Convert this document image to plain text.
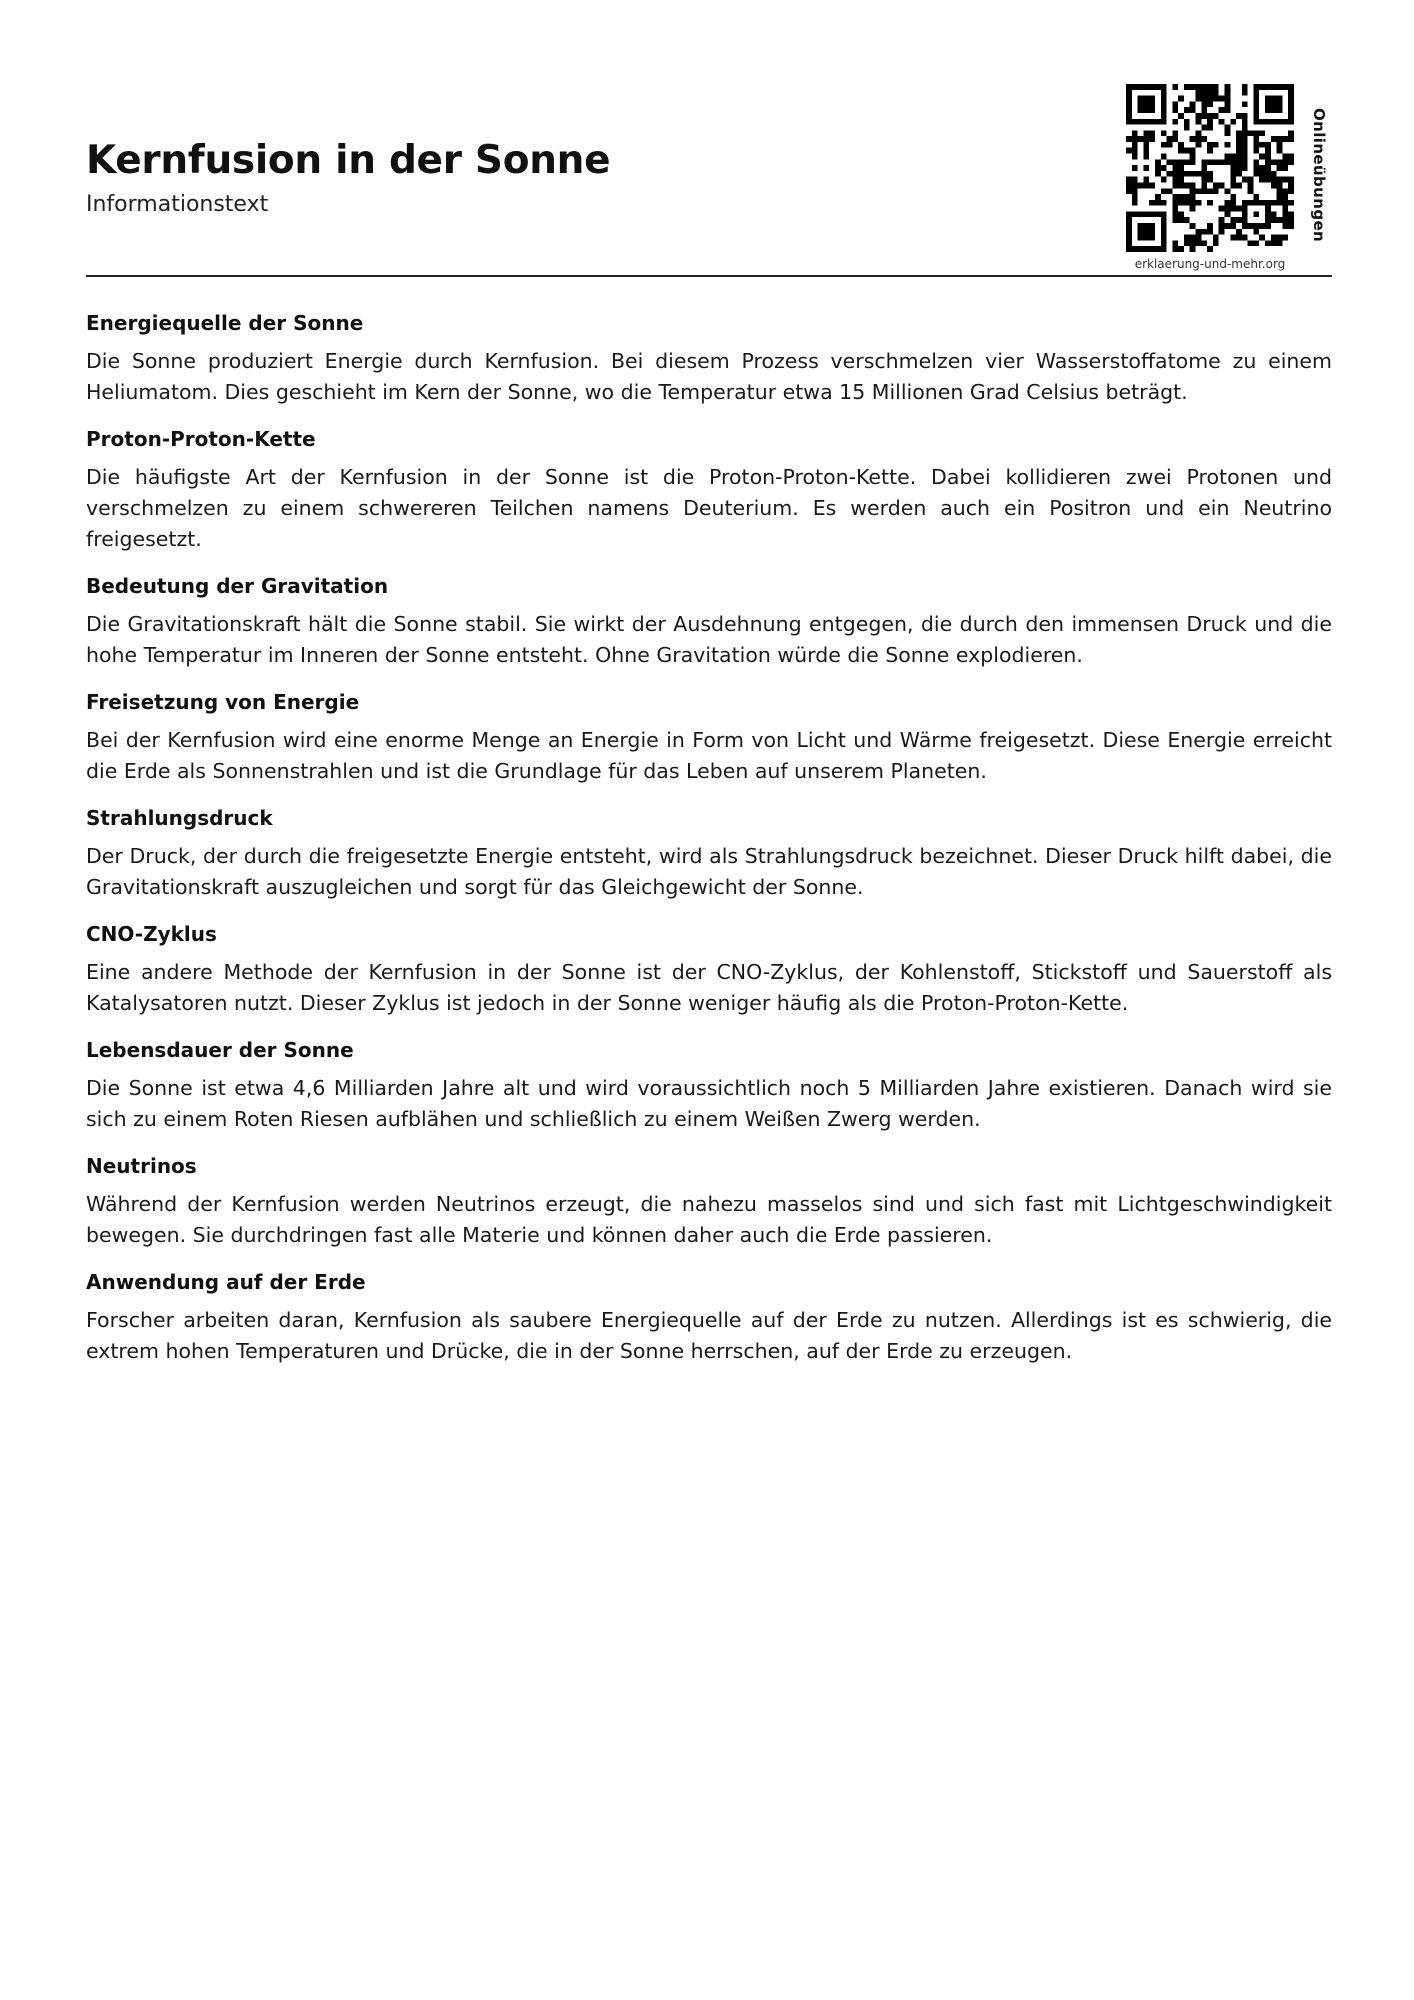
Kernfusion in der Sonne
Informationstext
erklaerung-und-mehr.org
Onlineübungen
Energiequelle der Sonne

Die Sonne produziert Energie durch Kernfusion. Bei diesem Prozess verschmelzen vier Wasserstoffatome zu einem Heliumatom. Dies geschieht im Kern der Sonne, wo die Temperatur etwa 15 Millionen Grad Celsius beträgt.

Proton-Proton-Kette

Die häufigste Art der Kernfusion in der Sonne ist die Proton-Proton-Kette. Dabei kollidieren zwei Protonen und verschmelzen zu einem schwereren Teilchen namens Deuterium. Es werden auch ein Positron und ein Neutrino freigesetzt.

Bedeutung der Gravitation

Die Gravitationskraft hält die Sonne stabil. Sie wirkt der Ausdehnung entgegen, die durch den immensen Druck und die hohe Temperatur im Inneren der Sonne entsteht. Ohne Gravitation würde die Sonne explodieren.

Freisetzung von Energie

Bei der Kernfusion wird eine enorme Menge an Energie in Form von Licht und Wärme freigesetzt. Diese Energie erreicht die Erde als Sonnenstrahlen und ist die Grundlage für das Leben auf unserem Planeten.

Strahlungsdruck

Der Druck, der durch die freigesetzte Energie entsteht, wird als Strahlungsdruck bezeichnet. Dieser Druck hilft dabei, die Gravitationskraft auszugleichen und sorgt für das Gleichgewicht der Sonne.

CNO-Zyklus

Eine andere Methode der Kernfusion in der Sonne ist der CNO-Zyklus, der Kohlenstoff, Stickstoff und Sauerstoff als Katalysatoren nutzt. Dieser Zyklus ist jedoch in der Sonne weniger häufig als die Proton-Proton-Kette.

Lebensdauer der Sonne

Die Sonne ist etwa 4,6 Milliarden Jahre alt und wird voraussichtlich noch 5 Milliarden Jahre existieren. Danach wird sie sich zu einem Roten Riesen aufblähen und schließlich zu einem Weißen Zwerg werden.

Neutrinos

Während der Kernfusion werden Neutrinos erzeugt, die nahezu masselos sind und sich fast mit Lichtgeschwindigkeit bewegen. Sie durchdringen fast alle Materie und können daher auch die Erde passieren.

Anwendung auf der Erde

Forscher arbeiten daran, Kernfusion als saubere Energiequelle auf der Erde zu nutzen. Allerdings ist es schwierig, die extrem hohen Temperaturen und Drücke, die in der Sonne herrschen, auf der Erde zu erzeugen.
